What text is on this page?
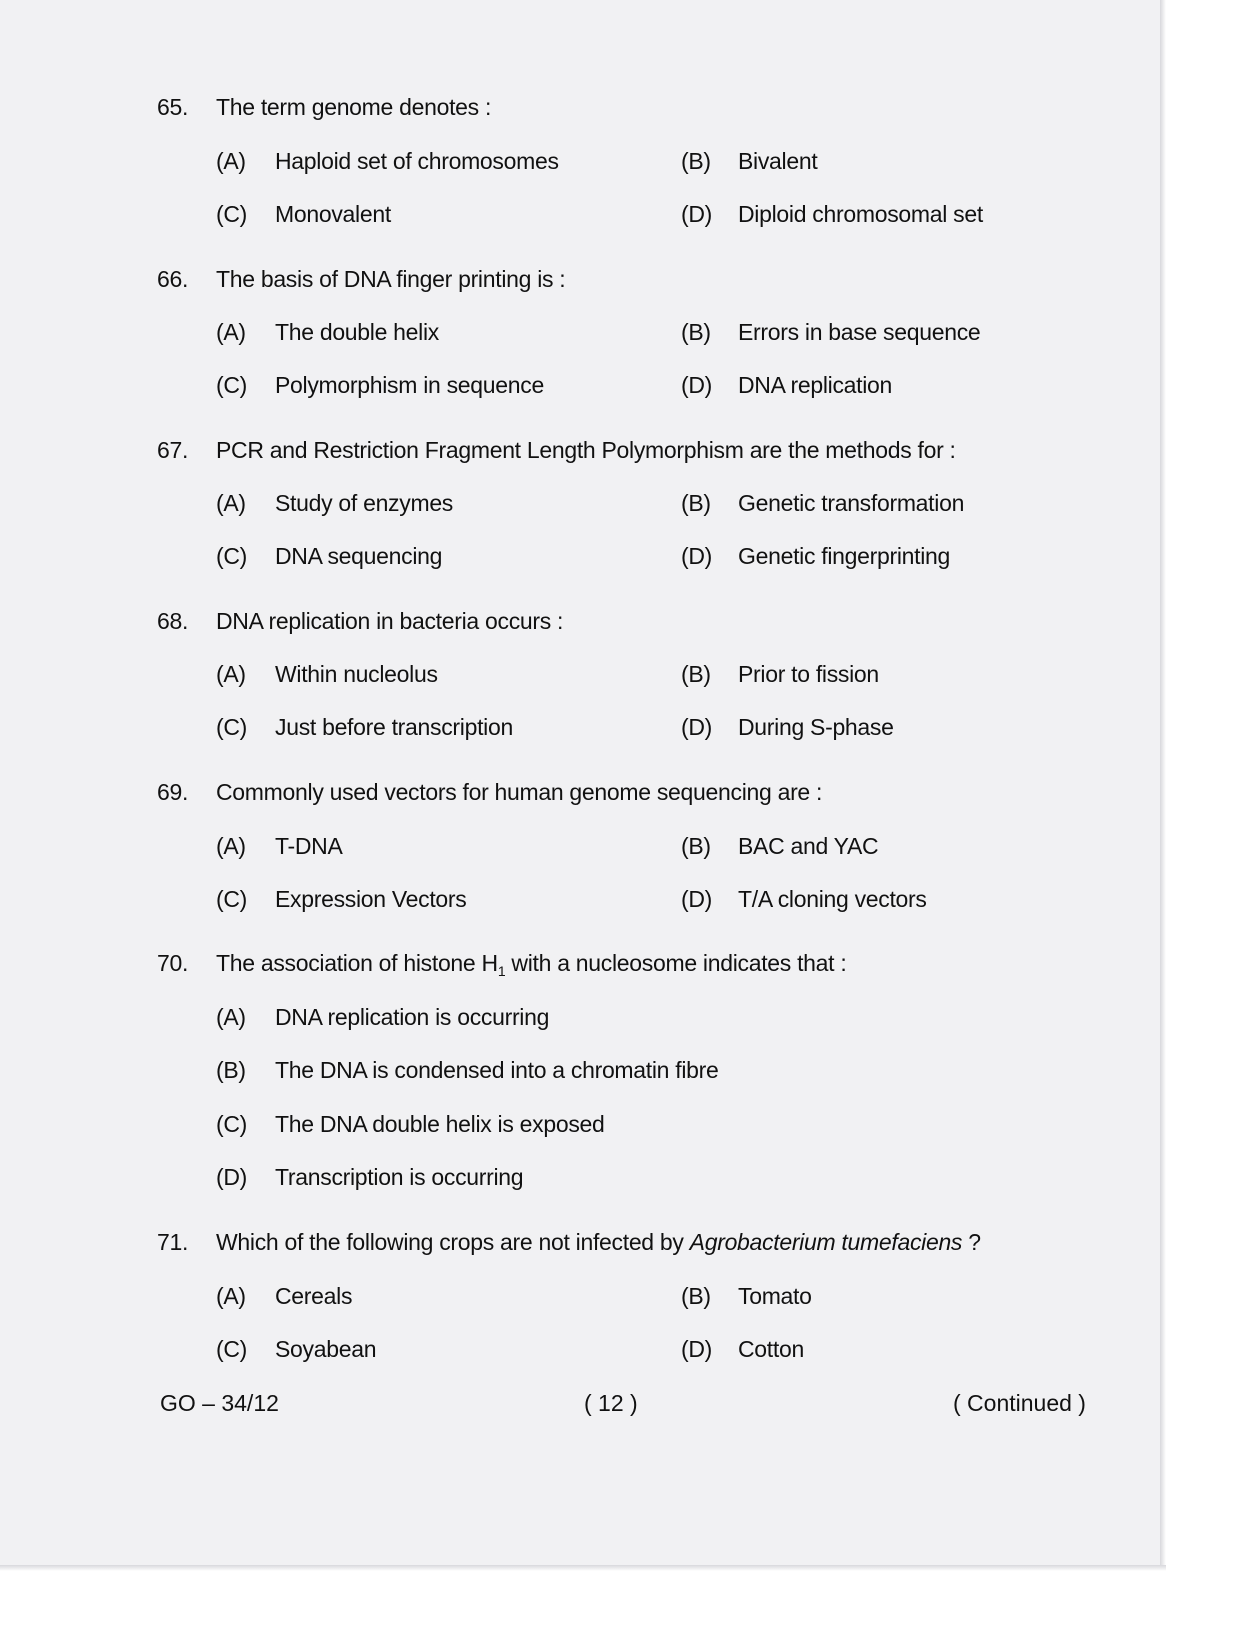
65. The term genome denotes :
(A) Haploid set of chromosomes	(B) Bivalent
(C) Monovalent	(D) Diploid chromosomal set
66. The basis of DNA finger printing is :
(A) The double helix	(B) Errors in base sequence
(C) Polymorphism in sequence	(D) DNA replication
67. PCR and Restriction Fragment Length Polymorphism are the methods for :
(A) Study of enzymes	(B) Genetic transformation
(C) DNA sequencing	(D) Genetic fingerprinting
68. DNA replication in bacteria occurs :
(A) Within nucleolus	(B) Prior to fission
(C) Just before transcription	(D) During S-phase
69. Commonly used vectors for human genome sequencing are :
(A) T-DNA	(B) BAC and YAC
(C) Expression Vectors	(D) T/A cloning vectors
70. The association of histone $H_1$ with a nucleosome indicates that :
(A) DNA replication is occurring
(B) The DNA is condensed into a chromatin fibre
(C) The DNA double helix is exposed
(D) Transcription is occurring
71. Which of the following crops are not infected by Agrobacterium tumefaciens ?
(A) Cereals	(B) Tomato
(C) Soyabean	(D) Cotton
GO – 34/12	( 12 )	( Continued )
